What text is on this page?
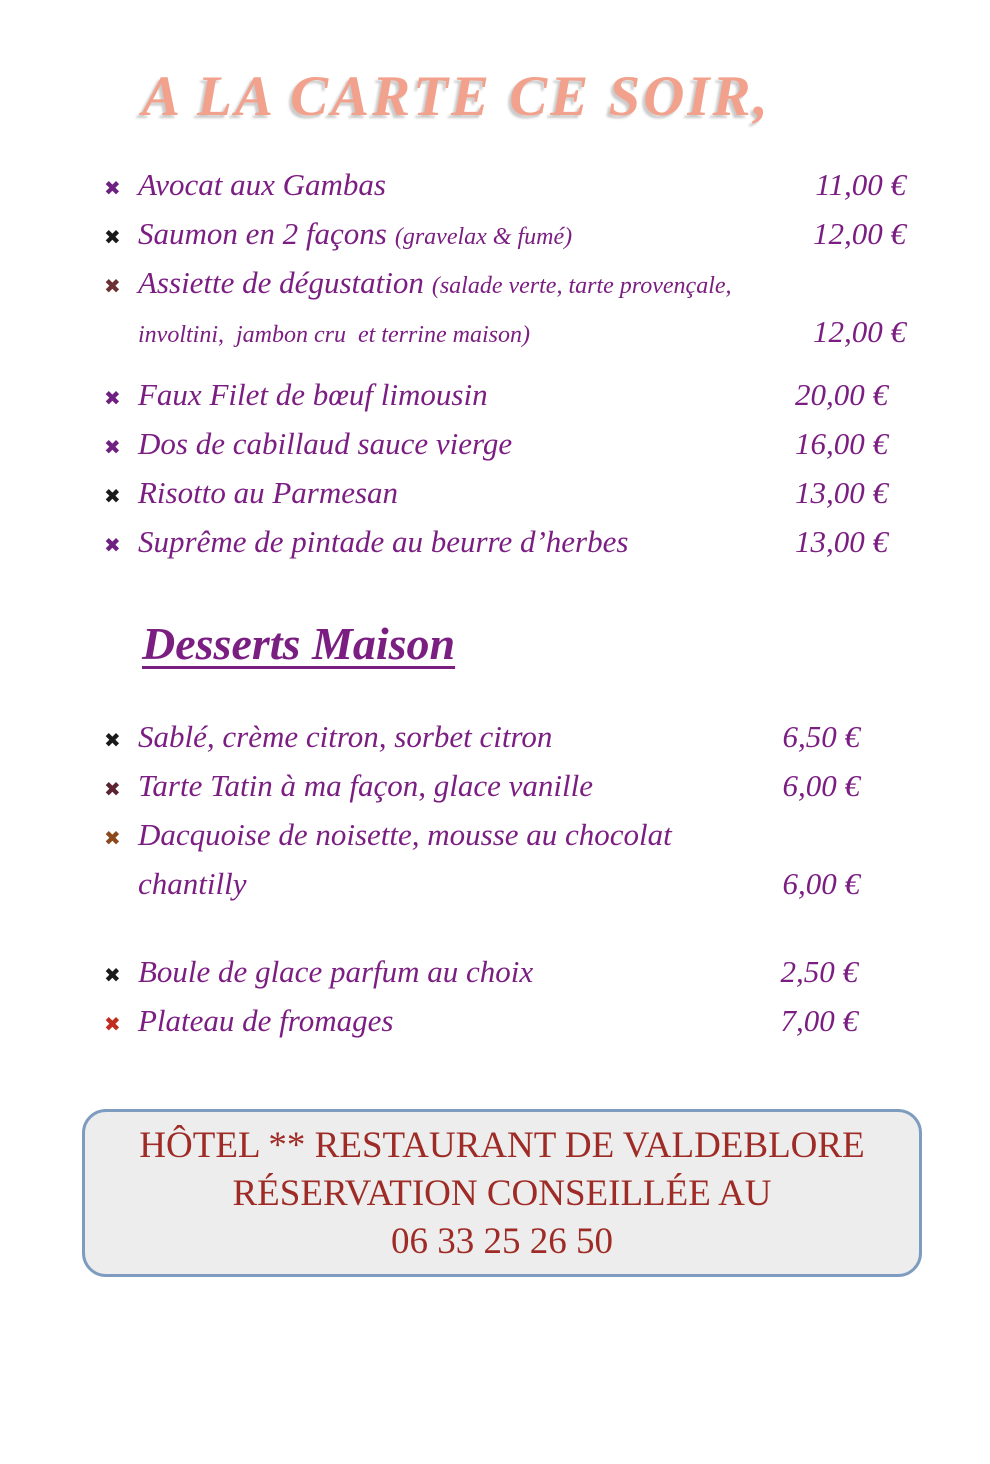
A LA CARTE CE SOIR,
✖ Avocat aux Gambas	11,00 €
✖ Saumon en 2 façons (gravelax & fumé)	12,00 €
✖ Assiette de dégustation (salade verte, tarte provençale,
involtini,  jambon cru  et terrine maison)	12,00 €
✖ Faux Filet de bœuf limousin	20,00 €
✖ Dos de cabillaud sauce vierge	16,00 €
✖ Risotto au Parmesan	13,00 €
✖ Suprême de pintade au beurre d’herbes	13,00 €
Desserts Maison
✖ Sablé, crème citron, sorbet citron	6,50 €
✖ Tarte Tatin à ma façon, glace vanille	6,00 €
✖ Dacquoise de noisette, mousse au chocolat
chantilly	6,00 €
✖ Boule de glace parfum au choix	2,50 €
✖ Plateau de fromages	7,00 €
HÔTEL ** RESTAURANT DE VALDEBLORE
RÉSERVATION CONSEILLÉE AU
06 33 25 26 50
